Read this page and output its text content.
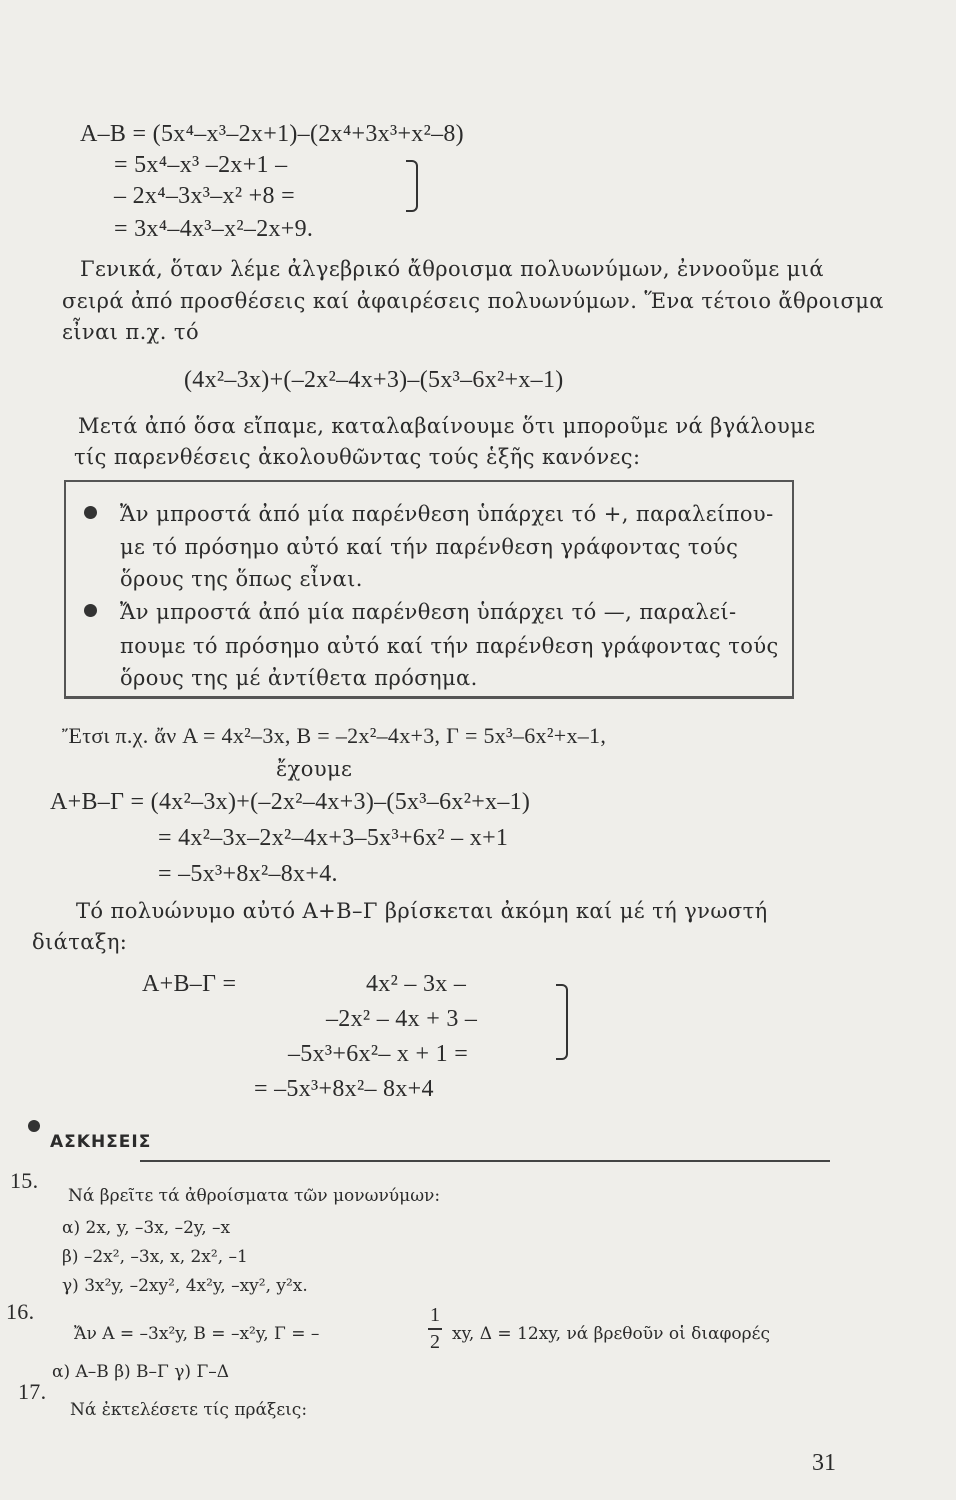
A–B = (5x⁴–x³–2x+1)–(2x⁴+3x³+x²–8)
= 5x⁴–x³ –2x+1 –
– 2x⁴–3x³–x² +8 =
= 3x⁴–4x³–x²–2x+9.
Γενικά, ὅταν λέμε ἀλγεβρικό ἄθροισμα πολυωνύμων, ἐννοοῦμε μιά
σειρά ἀπό προσθέσεις καί ἀφαιρέσεις πολυωνύμων. Ἕνα τέτοιο ἄθροισμα
εἶναι π.χ. τό
(4x²–3x)+(–2x²–4x+3)–(5x³–6x²+x–1)
Μετά ἀπό ὅσα εἴπαμε, καταλαβαίνουμε ὅτι μποροῦμε νά βγάλουμε
τίς παρενθέσεις ἀκολουθῶντας τούς ἑξῆς κανόνες:
Ἄν μπροστά ἀπό μία παρένθεση ὑπάρχει τό +, παραλείπου-
με τό πρόσημο αὐτό καί τήν παρένθεση γράφοντας τούς
ὅρους της ὅπως εἶναι.
Ἄν μπροστά ἀπό μία παρένθεση ὑπάρχει τό —, παραλεί-
πουμε τό πρόσημο αὐτό καί τήν παρένθεση γράφοντας τούς
ὅρους της μέ ἀντίθετα πρόσημα.
Ἔτσι π.χ. ἄν A = 4x²–3x, B = –2x²–4x+3, Γ = 5x³–6x²+x–1,
ἔχουμε
A+B–Γ = (4x²–3x)+(–2x²–4x+3)–(5x³–6x²+x–1)
= 4x²–3x–2x²–4x+3–5x³+6x² – x+1
= –5x³+8x²–8x+4.
Τό πολυώνυμο αὐτό A+B–Γ βρίσκεται ἀκόμη καί μέ τή γνωστή
διάταξη:
A+B–Γ =	4x² – 3x –
–2x² – 4x + 3 –
–5x³+6x²– x + 1 =
= –5x³+8x²– 8x+4
ΑΣΚΗΣΕΙΣ
15.
Νά βρεῖτε τά ἀθροίσματα τῶν μονωνύμων:
α) 2x, y, –3x, –2y, –x
β) –2x², –3x, x, 2x², –1
γ) 3x²y, –2xy², 4x²y, –xy², y²x.
16.
Ἄν A = –3x²y, B = –x²y, Γ = –
1
2 xy, Δ = 12xy, νά βρεθοῦν οἱ διαφορές
α) A–B β) B–Γ γ) Γ–Δ
17.
Νά ἐκτελέσετε τίς πράξεις:
31
